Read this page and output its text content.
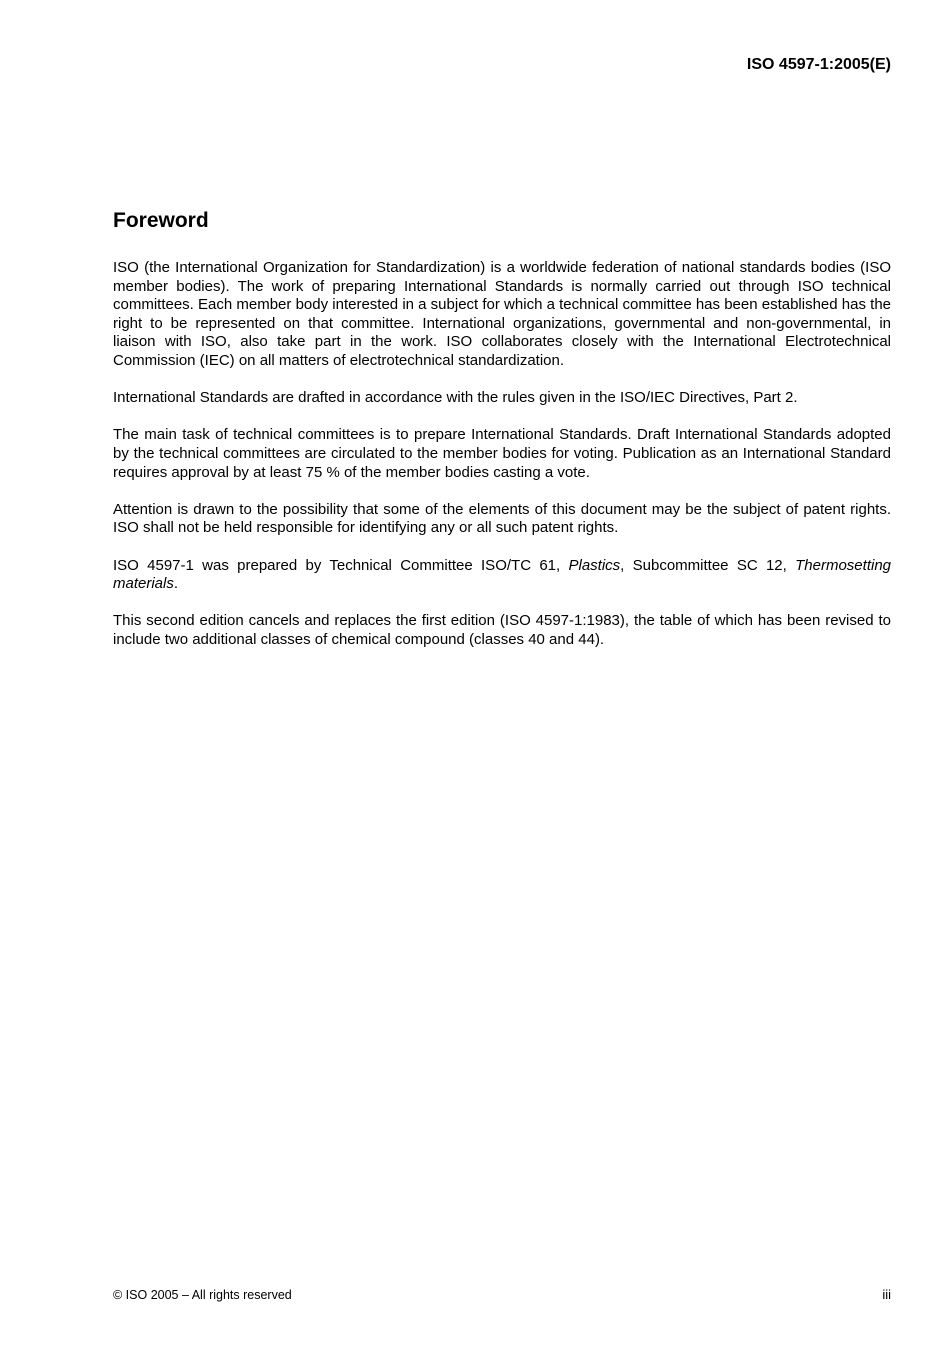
ISO 4597-1:2005(E)

Foreword

ISO (the International Organization for Standardization) is a worldwide federation of national standards bodies (ISO member bodies). The work of preparing International Standards is normally carried out through ISO technical committees. Each member body interested in a subject for which a technical committee has been established has the right to be represented on that committee. International organizations, governmental and non-governmental, in liaison with ISO, also take part in the work. ISO collaborates closely with the International Electrotechnical Commission (IEC) on all matters of electrotechnical standardization.

International Standards are drafted in accordance with the rules given in the ISO/IEC Directives, Part 2.

The main task of technical committees is to prepare International Standards. Draft International Standards adopted by the technical committees are circulated to the member bodies for voting. Publication as an International Standard requires approval by at least 75 % of the member bodies casting a vote.

Attention is drawn to the possibility that some of the elements of this document may be the subject of patent rights. ISO shall not be held responsible for identifying any or all such patent rights.

ISO 4597-1 was prepared by Technical Committee ISO/TC 61, Plastics, Subcommittee SC 12, Thermosetting materials.

This second edition cancels and replaces the first edition (ISO 4597-1:1983), the table of which has been revised to include two additional classes of chemical compound (classes 40 and 44).

© ISO 2005 – All rights reserved	iii
